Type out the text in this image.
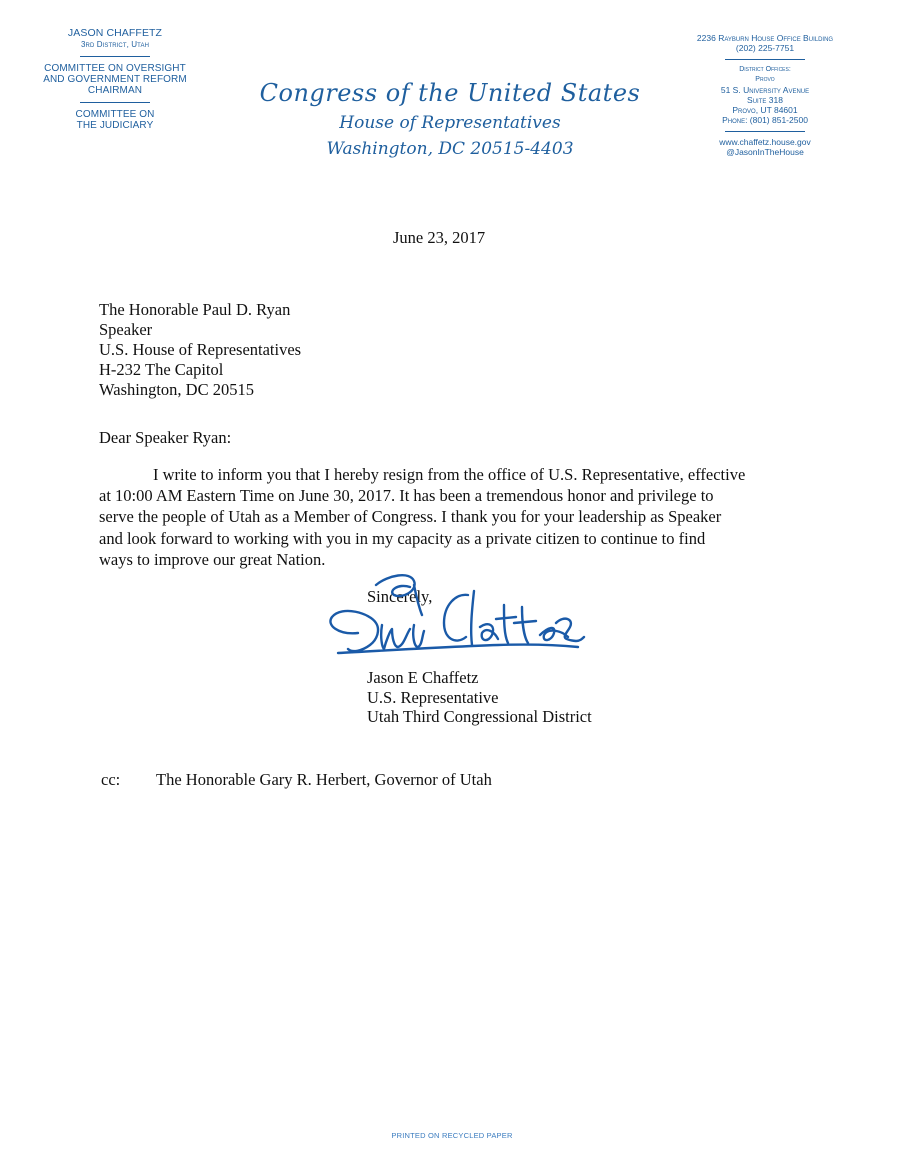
JASON CHAFFETZ
3rd District, Utah
COMMITTEE ON OVERSIGHT
AND GOVERNMENT REFORM
CHAIRMAN
COMMITTEE ON
THE JUDICIARY
Congress of the United States
House of Representatives
Washington, DC 20515-4403
2236 Rayburn House Office Building
(202) 225-7751
District Offices:
Provo
51 S. University Avenue
Suite 318
Provo, UT 84601
Phone: (801) 851-2500
www.chaffetz.house.gov
@JasonInTheHouse
June 23, 2017
The Honorable Paul D. Ryan
Speaker
U.S. House of Representatives
H-232 The Capitol
Washington, DC 20515
Dear Speaker Ryan:
I write to inform you that I hereby resign from the office of U.S. Representative, effective
at 10:00 AM Eastern Time on June 30, 2017. It has been a tremendous honor and privilege to
serve the people of Utah as a Member of Congress. I thank you for your leadership as Speaker
and look forward to working with you in my capacity as a private citizen to continue to find
ways to improve our great Nation.
Sincerely,
Jason E Chaffetz
U.S. Representative
Utah Third Congressional District
cc: The Honorable Gary R. Herbert, Governor of Utah
PRINTED ON RECYCLED PAPER
